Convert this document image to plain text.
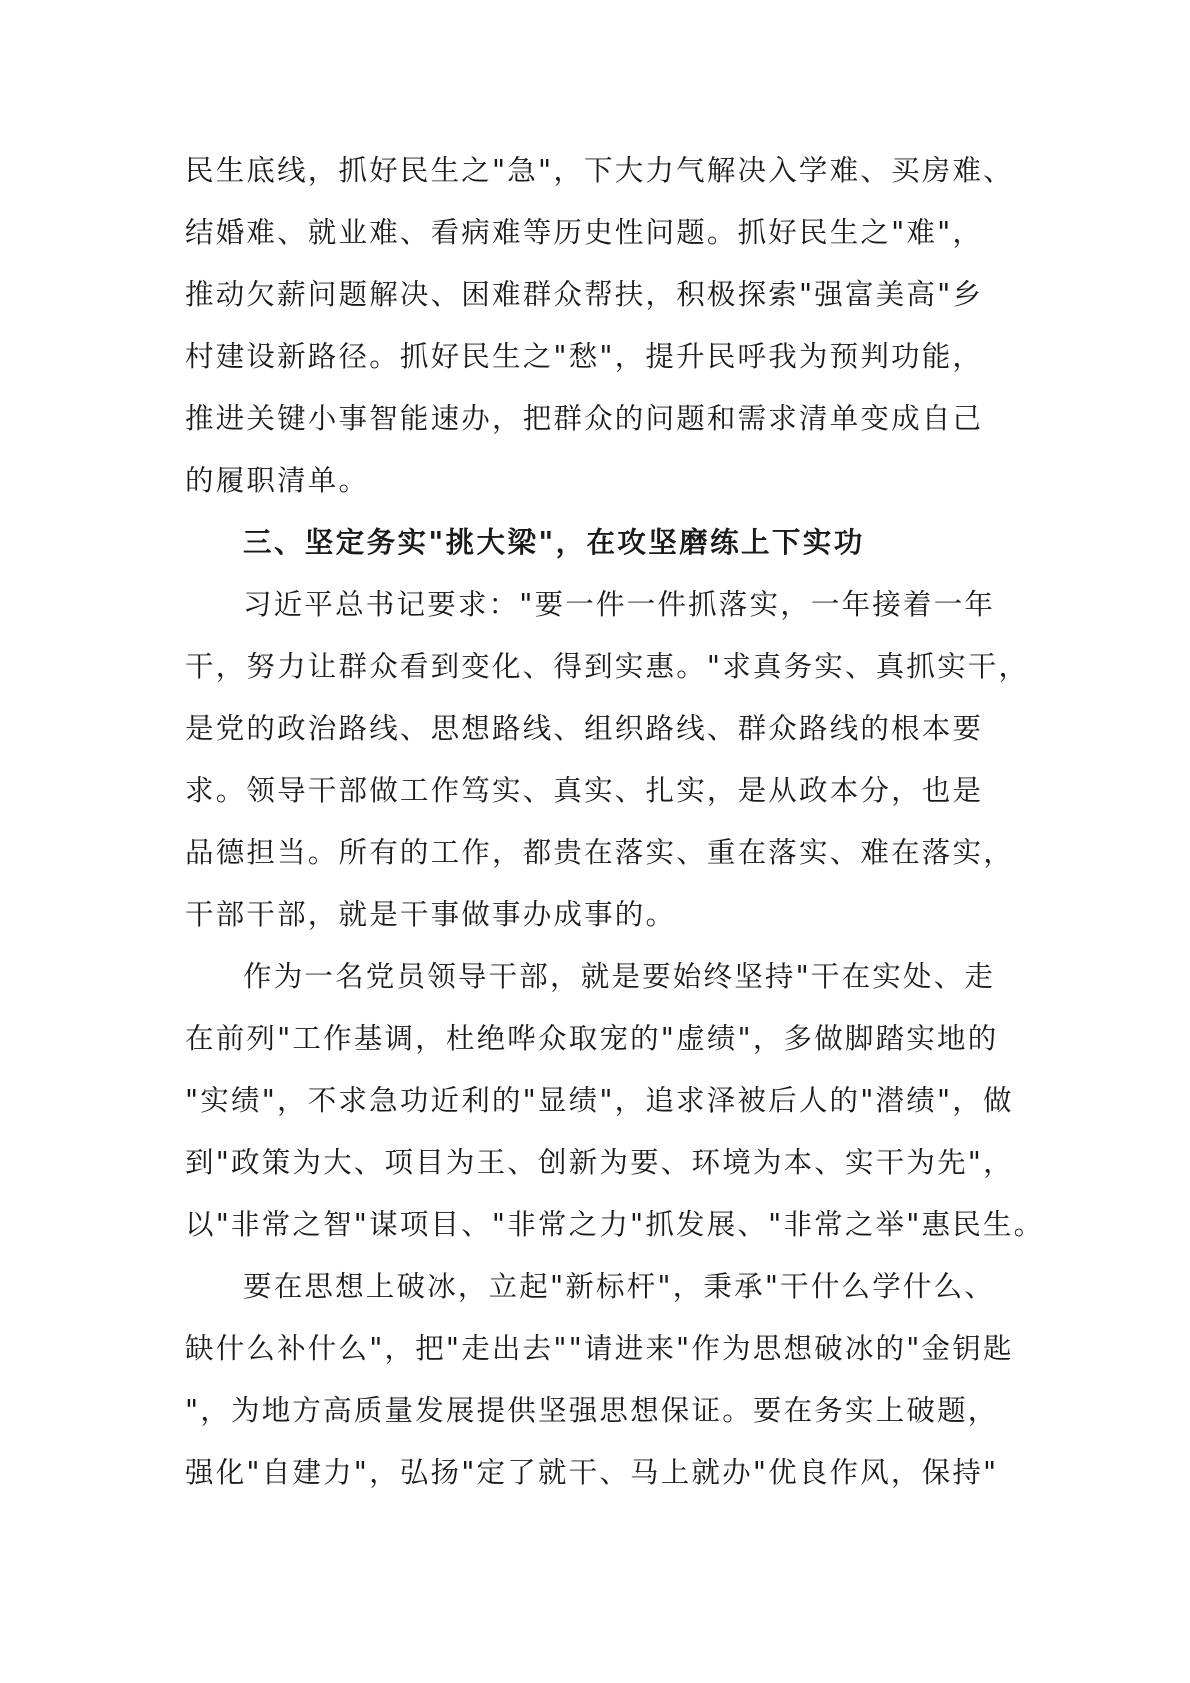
民生底线，抓好民生之"急"，下大力气解决入学难、买房难、
结婚难、就业难、看病难等历史性问题。抓好民生之"难"，
推动欠薪问题解决、困难群众帮扶，积极探索"强富美高"乡
村建设新路径。抓好民生之"愁"，提升民呼我为预判功能，
推进关键小事智能速办，把群众的问题和需求清单变成自己
的履职清单。
三、坚定务实"挑大梁"，在攻坚磨练上下实功
习近平总书记要求："要一件一件抓落实，一年接着一年
干，努力让群众看到变化、得到实惠。"求真务实、真抓实干，
是党的政治路线、思想路线、组织路线、群众路线的根本要
求。领导干部做工作笃实、真实、扎实，是从政本分，也是
品德担当。所有的工作，都贵在落实、重在落实、难在落实，
干部干部，就是干事做事办成事的。
作为一名党员领导干部，就是要始终坚持"干在实处、走
在前列"工作基调，杜绝哗众取宠的"虚绩"，多做脚踏实地的
"实绩"，不求急功近利的"显绩"，追求泽被后人的"潜绩"，做
到"政策为大、项目为王、创新为要、环境为本、实干为先"，
以"非常之智"谋项目、"非常之力"抓发展、"非常之举"惠民生。
要在思想上破冰，立起"新标杆"，秉承"干什么学什么、
缺什么补什么"，把"走出去""请进来"作为思想破冰的"金钥匙
"，为地方高质量发展提供坚强思想保证。要在务实上破题，
强化"自建力"，弘扬"定了就干、马上就办"优良作风，保持"
